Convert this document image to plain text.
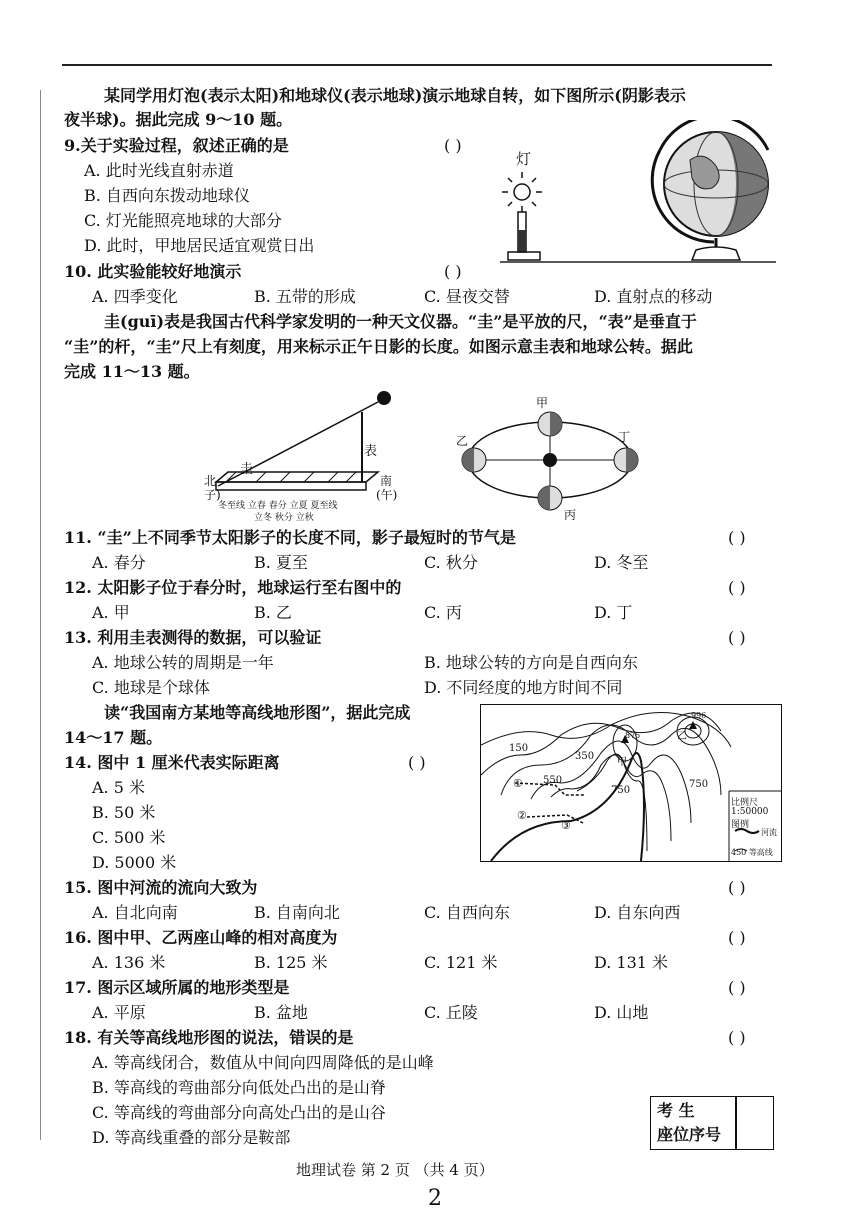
某同学用灯泡(表示太阳)和地球仪(表示地球)演示地球自转，如下图所示(阴影表示
夜半球)。据此完成 9～10 题。
9.关于实验过程，叙述正确的是	( )
A. 此时光线直射赤道
B. 自西向东拨动地球仪
C. 灯光能照亮地球的大部分
D. 此时，甲地居民适宜观赏日出
灯
10. 此实验能较好地演示	( )
A. 四季变化	B. 五带的形成	C. 昼夜交替	D. 直射点的移动
圭(guī)表是我国古代科学家发明的一种天文仪器。“圭”是平放的尺，“表”是垂直于
“圭”的杆，“圭”尺上有刻度，用来标示正午日影的长度。如图示意圭表和地球公转。据此
完成 11～13 题。
表
圭
北
子)
南
(午)
冬至线 立春 春分 立夏 夏至线
立冬 秋分 立秋
甲
乙
丙
丁
11. “圭”上不同季节太阳影子的长度不同，影子最短时的节气是	( )
A. 春分	B. 夏至	C. 秋分	D. 冬至
12. 太阳影子位于春分时，地球运行至右图中的	( )
A. 甲	B. 乙	C. 丙	D. 丁
13. 利用圭表测得的数据，可以验证	( )
A. 地球公转的周期是一年	B. 地球公转的方向是自西向东
C. 地球是个球体	D. 不同经度的地方时间不同
读“我国南方某地等高线地形图”，据此完成
14～17 题。
150
350
550
750
750
甲
875	乙
996
①
②
③
比例尺
1:50000
图例
河流
450 等高线
14. 图中 1 厘米代表实际距离	( )
A. 5 米
B. 50 米
C. 500 米
D. 5000 米
15. 图中河流的流向大致为	( )
A. 自北向南	B. 自南向北	C. 自西向东	D. 自东向西
16. 图中甲、乙两座山峰的相对高度为	( )
A. 136 米	B. 125 米	C. 121 米	D. 131 米
17. 图示区域所属的地形类型是	( )
A. 平原	B. 盆地	C. 丘陵	D. 山地
18. 有关等高线地形图的说法，错误的是	( )
A. 等高线闭合，数值从中间向四周降低的是山峰
B. 等高线的弯曲部分向低处凸出的是山脊
C. 等高线的弯曲部分向高处凸出的是山谷
D. 等高线重叠的部分是鞍部
考 生
座位序号
地理试卷 第 2 页 （共 4 页）
2
